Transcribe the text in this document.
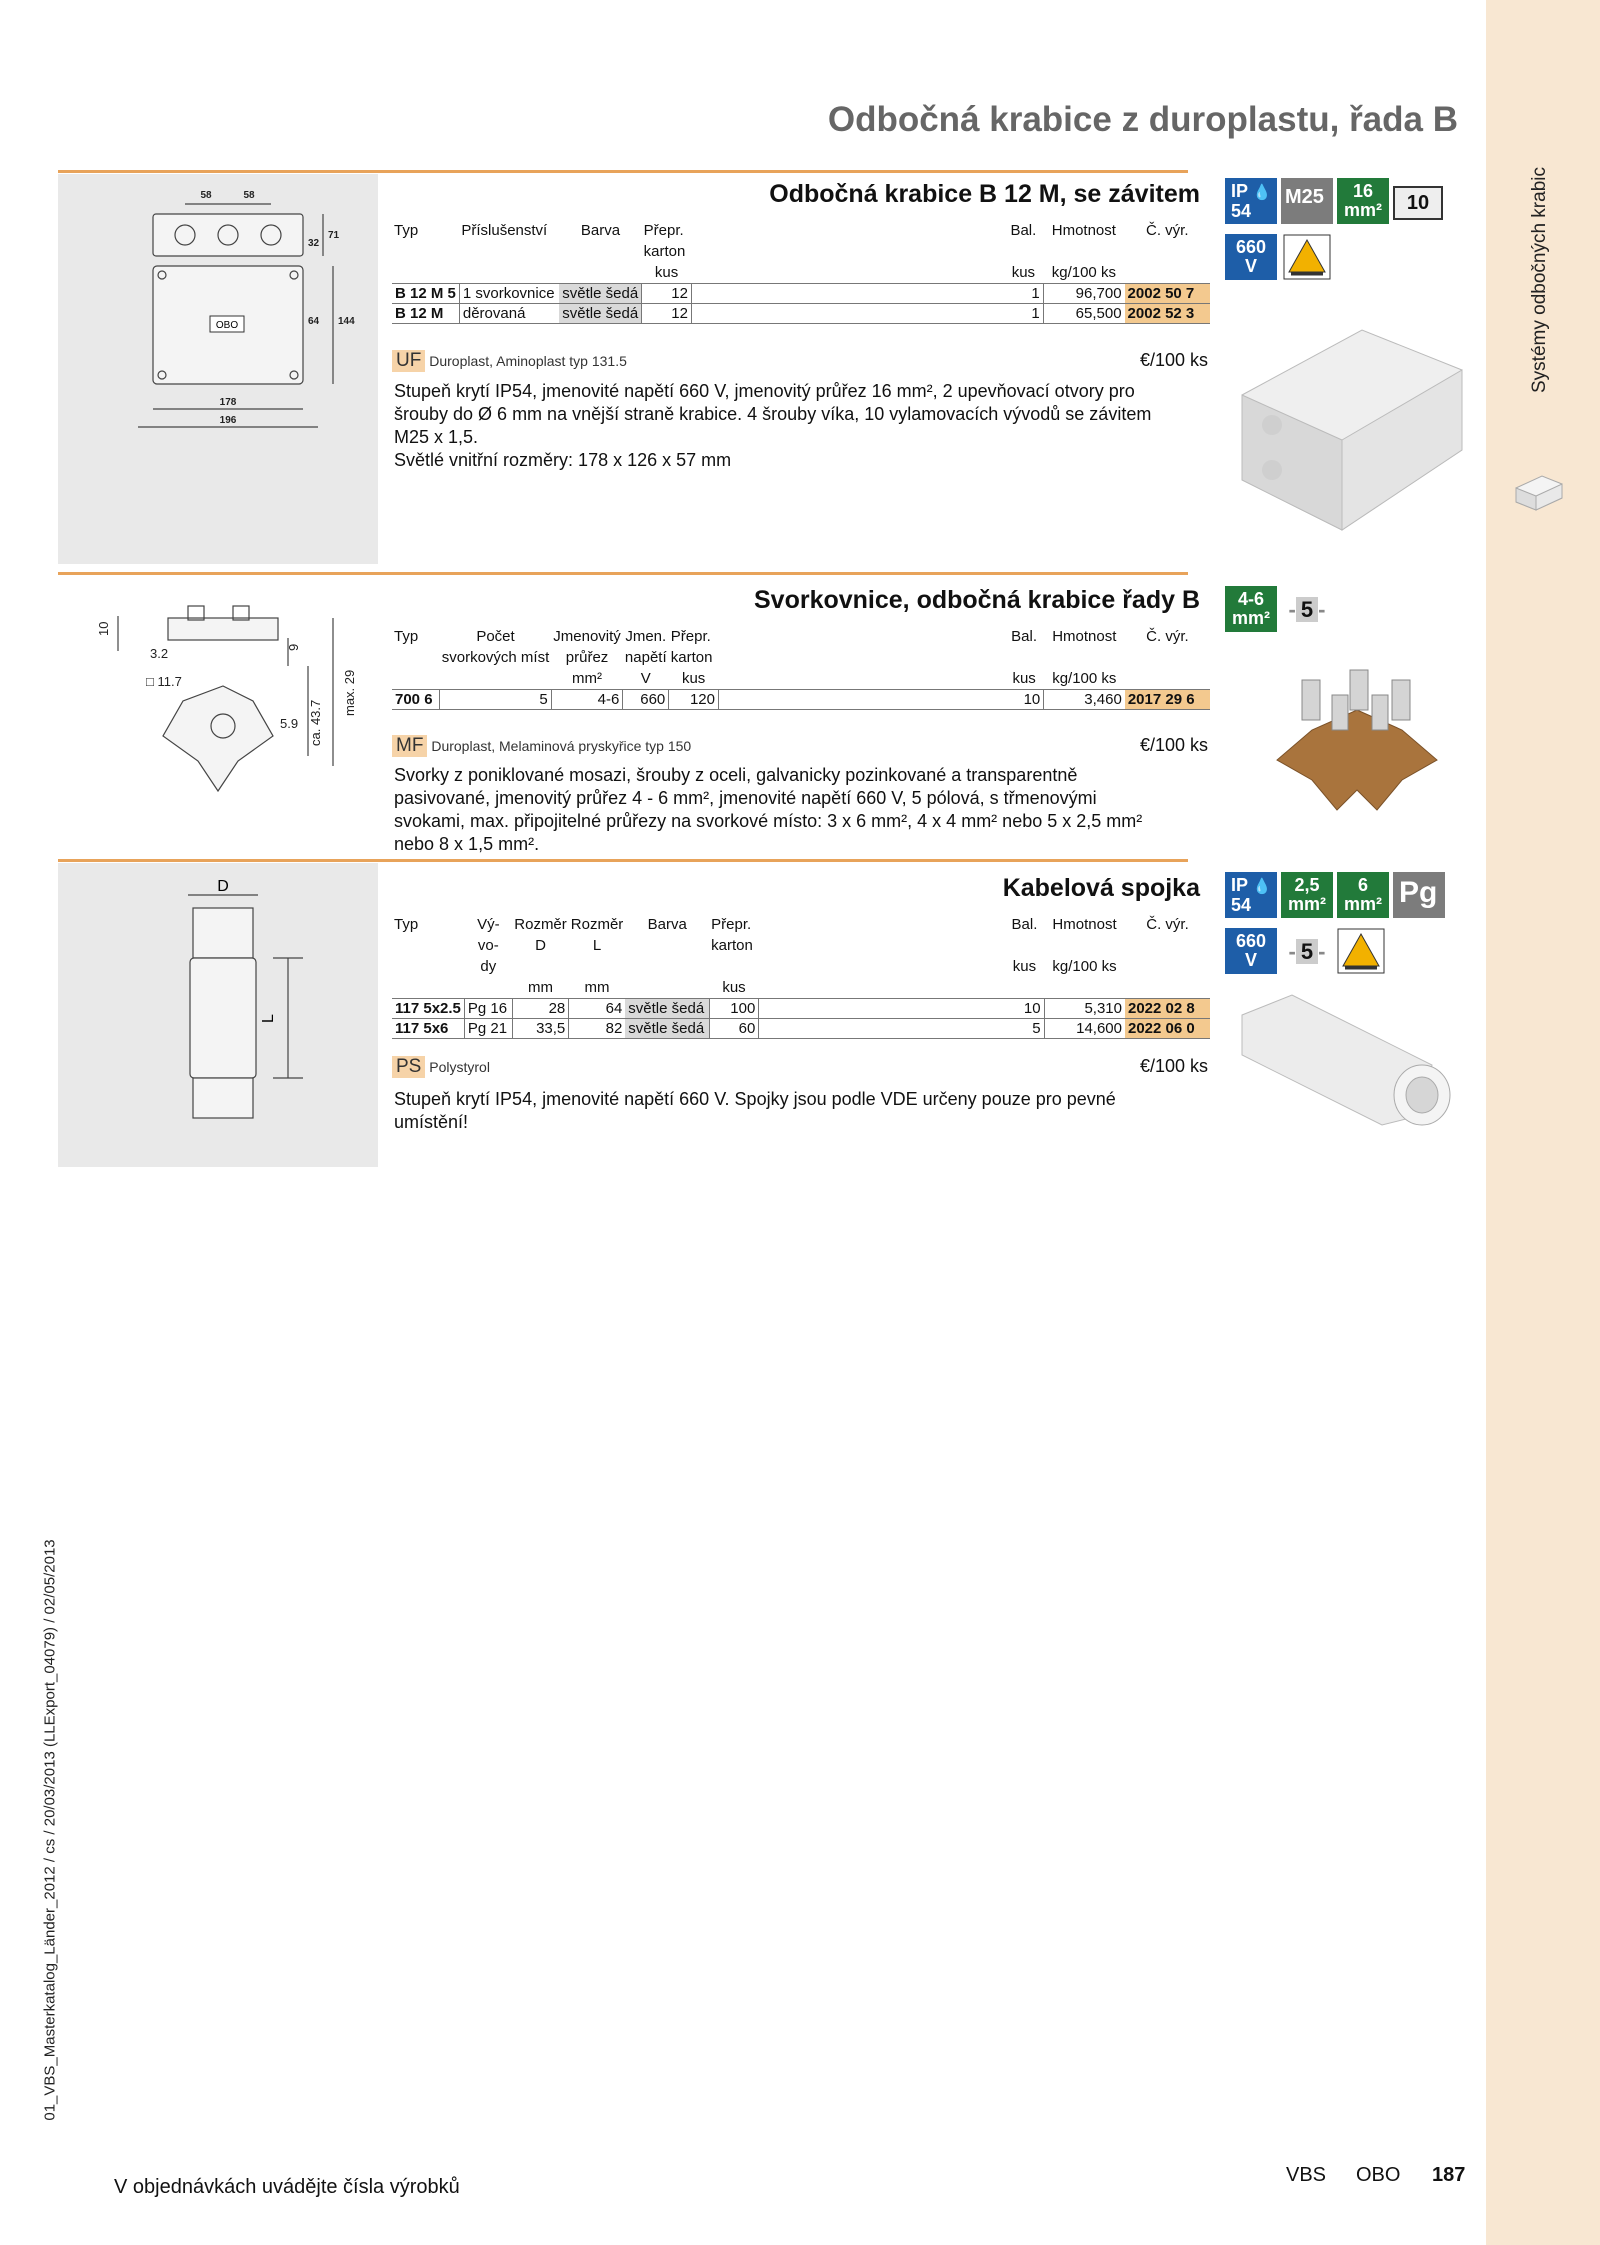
Systémy odbočných krabic
Odbočná krabice z duroplastu, řada B
OBO
58	58
71
32
64 144
178
196
Odbočná krabice B 12 M, se závitem
Typ	Příslušenství	Barva	Přepr.		Bal.	Hmotnost	Č. výr.
			karton				
			kus		kus	kg/100 ks	
B 12 M 5	1 svorkovnice	světle šedá	12		1	96,700	2002 50 7
B 12 M	děrovaná	světle šedá	12		1	65,500	2002 52 3
UF Duroplast, Aminoplast typ 131.5	€/100 ks
Stupeň krytí IP54, jmenovité napětí 660 V, jmenovitý průřez 16 mm², 2 upevňovací otvory pro
šrouby do Ø 6 mm na vnější straně krabice. 4 šrouby víka, 10 vylamovacích vývodů se závitem
M25 x 1,5.
Světlé vnitřní rozměry: 178 x 126 x 57 mm
IP 💧
54
M25	16
mm²	10
660
V
10
3.2
□ 11.7
9
ca. 43.7
max. 29
5.9
Svorkovnice, odbočná krabice řady B
Typ	Počet	Jmenovitý	Jmen.	Přepr.		Bal.	Hmotnost	Č. výr.
	svorkových míst	průřez	napětí	karton				
		mm²	V	kus		kus	kg/100 ks	
700 6	5	4-6	660	120		10	3,460	2017 29 6
MF Duroplast, Melaminová pryskyřice typ 150	€/100 ks
Svorky z poniklované mosazi, šrouby z oceli, galvanicky pozinkované a transparentně
pasivované, jmenovitý průřez 4 - 6 mm², jmenovité napětí 660 V, 5 pólová, s třmenovými
svokami, max. připojitelné průřezy na svorkové místo: 3 x 6 mm², 4 x 4 mm² nebo 5 x 2,5 mm²
nebo 8 x 1,5 mm².
4-6
mm² - 5 -
D
L
Kabelová spojka
Typ	Vý-	Rozměr	Rozměr	Barva	Přepr.		Bal.	Hmotnost	Č. výr.
	vo-	D	L		karton				
	dy						kus	kg/100 ks	
		mm	mm		kus				
117 5x2.5	Pg 16	28	64	světle šedá	100		10	5,310	2022 02 8
117 5x6	Pg 21	33,5	82	světle šedá	60		5	14,600	2022 06 0
PS Polystyrol	€/100 ks
Stupeň krytí IP54, jmenovité napětí 660 V. Spojky jsou podle VDE určeny pouze pro pevné
umístění!
IP 💧
54
2,5
mm²
6
mm² Pg
660
V	- 5 -
01_VBS_Masterkatalog_Länder_2012 / cs / 20/03/2013 (LLExport_04079) / 02/05/2013
V objednávkách uvádějte čísla výrobků
VBS OBO 187
